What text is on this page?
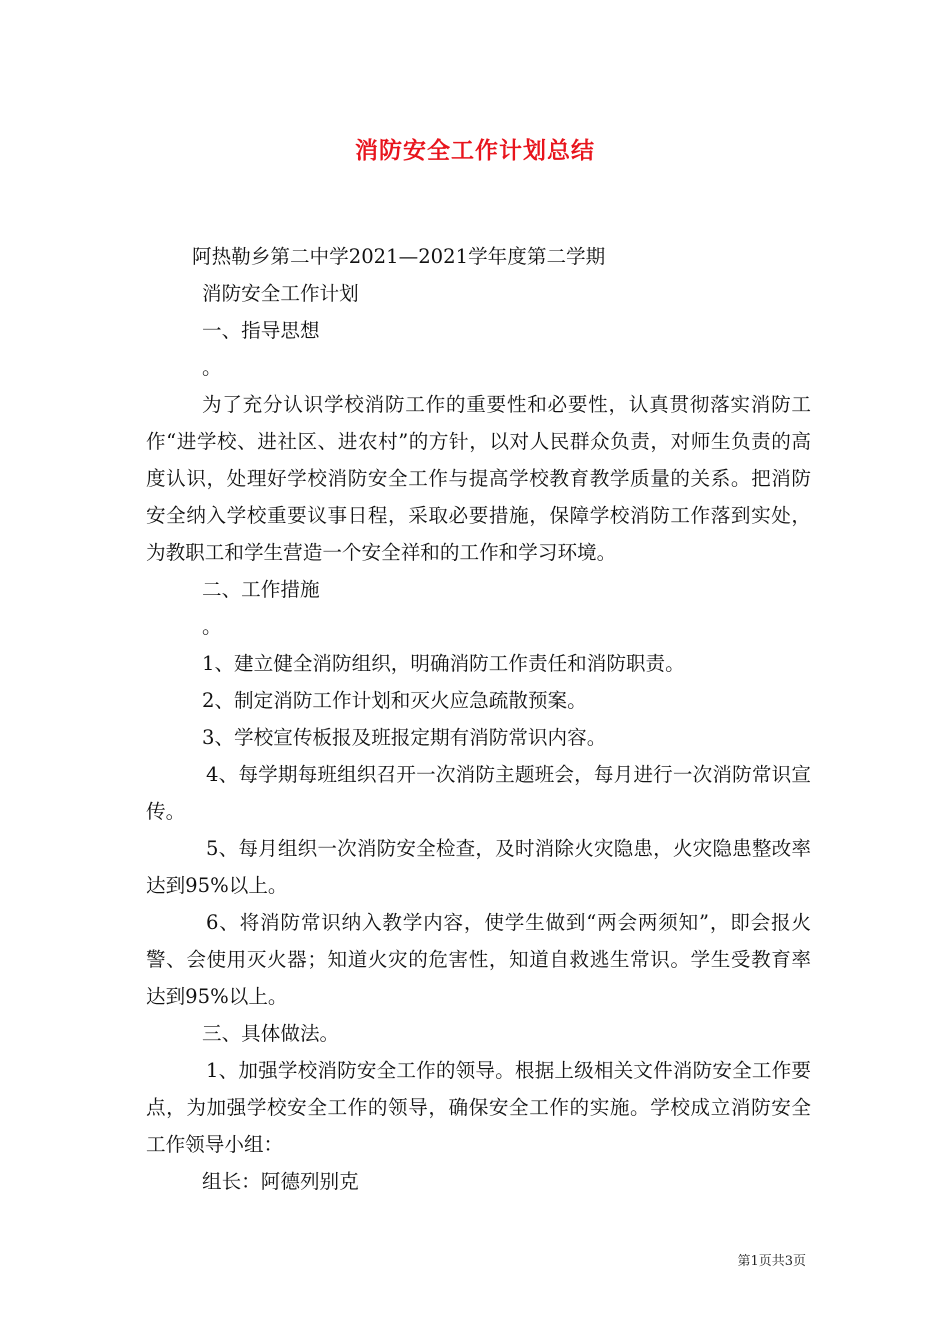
消防安全工作计划总结

阿热勒乡第二中学2021—2021学年度第二学期

消防安全工作计划

一、指导思想

。

为了充分认识学校消防工作的重要性和必要性，认真贯彻落实消防工作“进学校、进社区、进农村”的方针，以对人民群众负责，对师生负责的高度认识，处理好学校消防安全工作与提高学校教育教学质量的关系。把消防安全纳入学校重要议事日程，采取必要措施，保障学校消防工作落到实处，为教职工和学生营造一个安全祥和的工作和学习环境。

二、工作措施

。

1、建立健全消防组织，明确消防工作责任和消防职责。

2、制定消防工作计划和灭火应急疏散预案。

3、学校宣传板报及班报定期有消防常识内容。

4、每学期每班组织召开一次消防主题班会，每月进行一次消防常识宣传。

5、每月组织一次消防安全检查，及时消除火灾隐患，火灾隐患整改率达到95%以上。

6、将消防常识纳入教学内容，使学生做到“两会两须知”，即会报火警、会使用灭火器；知道火灾的危害性，知道自救逃生常识。学生受教育率达到95%以上。

三、具体做法。

1、加强学校消防安全工作的领导。根据上级相关文件消防安全工作要点，为加强学校安全工作的领导，确保安全工作的实施。学校成立消防安全工作领导小组：

组长：阿德列别克

第1页共3页
